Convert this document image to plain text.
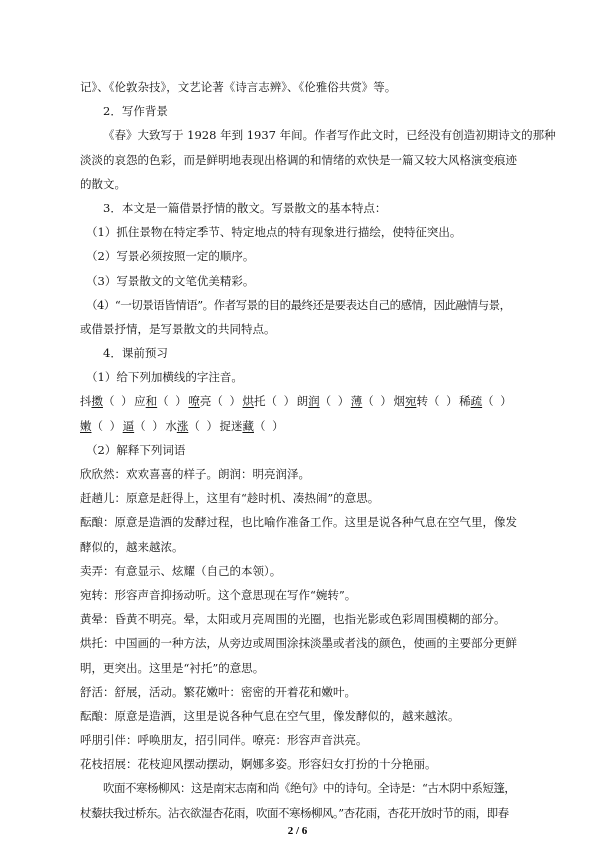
记》、《伦敦杂技》，文艺论著《诗言志辨》、《伦雅俗共赏》等。
2．写作背景
《春》大致写于 1928 年到 1937 年间。作者写作此文时，已经没有创造初期诗文的那种
淡淡的哀怨的色彩，而是鲜明地表现出格调的和情绪的欢快是一篇又较大风格演变痕迹
的散文。
3．本文是一篇借景抒情的散文。写景散文的基本特点：
（1）抓住景物在特定季节、特定地点的特有现象进行描绘，使特征突出。
（2）写景必须按照一定的顺序。
（3）写景散文的文笔优美精彩。
（4）“一切景语皆情语”。作者写景的目的最终还是要表达自己的感情，因此融情与景，
或借景抒情，是写景散文的共同特点。
4．课前预习
（1）给下列加横线的字注音。
抖 擞 （ ） 应 和 （ ） 嘹 亮 （ ） 烘 托 （ ） 朗 润 （ ） 薄 （ ） 烟 宛 转 （ ） 稀 疏 （ ）
嫩 （ ） 逼 （ ） 水 涨 （ ） 捉迷 藏 （ ）
（2）解释下列词语
欣欣然：欢欢喜喜的样子。朗润：明亮润泽。
赶趟儿：原意是赶得上，这里有“趁时机、凑热闹”的意思。
酝酿：原意是造酒的发酵过程，也比喻作准备工作。这里是说各种气息在空气里，像发
酵似的，越来越浓。
卖弄：有意显示、炫耀（自己的本领）。
宛转：形容声音抑扬动听。这个意思现在写作“婉转”。
黄晕：昏黄不明亮。晕，太阳或月亮周围的光圈，也指光影或色彩周围模糊的部分。
烘托：中国画的一种方法，从旁边或周围涂抹淡墨或者浅的颜色，使画的主要部分更鲜
明，更突出。这里是“衬托”的意思。
舒活：舒展，活动。繁花嫩叶：密密的开着花和嫩叶。
酝酿：原意是造酒，这里是说各种气息在空气里，像发酵似的，越来越浓。
呼朋引伴：呼唤朋友，招引同伴。嘹亮：形容声音洪亮。
花枝招展：花枝迎风摆动摆动，婀娜多姿。形容妇女打扮的十分艳丽。
吹面不寒杨柳风：这是南宋志南和尚《绝句》中的诗句。全诗是：“古木阴中系短篷，
杖藜扶我过桥东。沾衣欲湿杏花雨，吹面不寒杨柳风。”杏花雨，杏花开放时节的雨，即春
2 / 6
